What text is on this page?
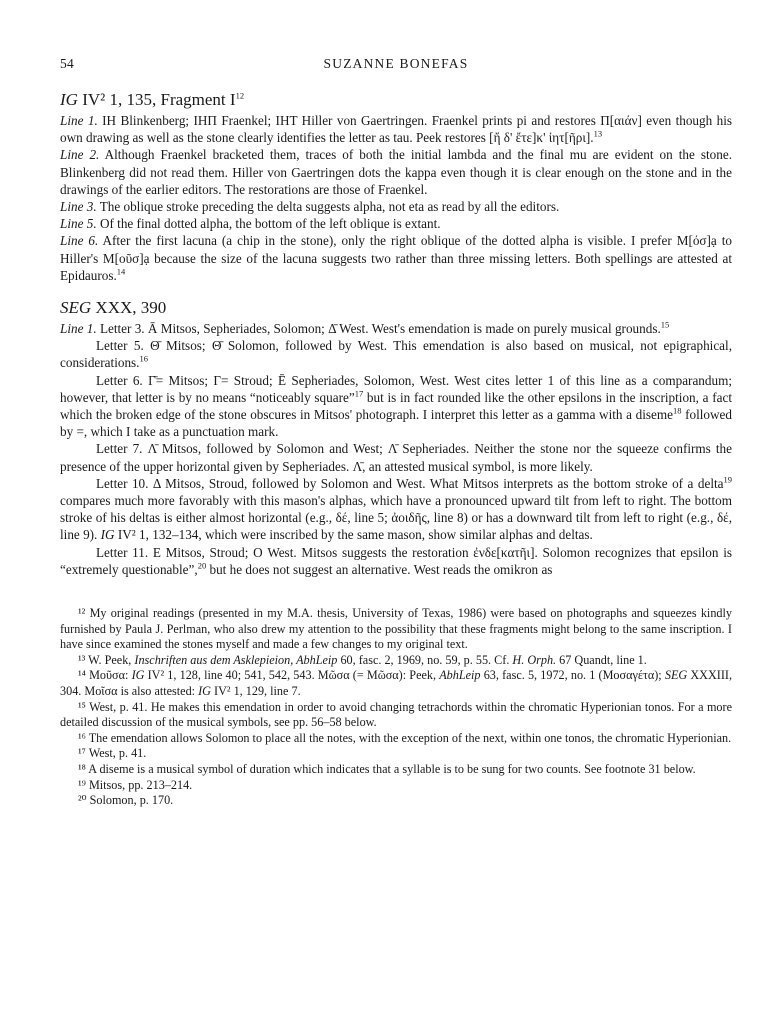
54	SUZANNE BONEFAS
IG IV² 1, 135, Fragment $I^{12}$

Line 1. ΙΗ Blinkenberg; ΙΗΠ Fraenkel; ΙΗΤ Hiller von Gaertringen. Fraenkel prints pi and restores Π[αιάν] even though his own drawing as well as the stone clearly identifies the letter as tau. Peek restores [ἤ δ' ἔτε]κ' ἰητ[ῆρι].$^{13}$

Line 2. Although Fraenkel bracketed them, traces of both the initial lambda and the final mu are evident on the stone. Blinkenberg did not read them. Hiller von Gaertringen dots the kappa even though it is clear enough on the stone and in the drawings of the earlier editors. The restorations are those of Fraenkel.

Line 3. The oblique stroke preceding the delta suggests alpha, not eta as read by all the editors.

Line 5. Of the final dotted alpha, the bottom of the left oblique is extant.

Line 6. After the first lacuna (a chip in the stone), only the right oblique of the dotted alpha is visible. I prefer Μ[όσ]ạ to Hiller's Μ[οῦσ]ạ because the size of the lacuna suggests two rather than three missing letters. Both spellings are attested at Epidauros.$^{14}$

SEG XXX, 390

Line 1. Letter 3. Ā Mitsos, Sepheriades, Solomon; Δ̄ West. West's emendation is made on purely musical grounds.$^{15}$

Letter 5. Θ̄ Mitsos; Θ̄ Solomon, followed by West. This emendation is also based on musical, not epigraphical, considerations.$^{16}$

Letter 6. Γ̄= Mitsos; Γ= Stroud; Ē Sepheriades, Solomon, West. West cites letter 1 of this line as a comparandum; however, that letter is by no means “noticeably square”$^{17}$ but is in fact rounded like the other epsilons in the inscription, a fact which the broken edge of the stone obscures in Mitsos' photograph. I interpret this letter as a gamma with a diseme$^{18}$ followed by =, which I take as a punctuation mark.

Letter 7. Λ̄ Mitsos, followed by Solomon and West; Λ̄ Sepheriades. Neither the stone nor the squeeze confirms the presence of the upper horizontal given by Sepheriades. Λ̄, an attested musical symbol, is more likely.

Letter 10. Δ Mitsos, Stroud, followed by Solomon and West. What Mitsos interprets as the bottom stroke of a delta$^{19}$ compares much more favorably with this mason's alphas, which have a pronounced upward tilt from left to right. The bottom stroke of his deltas is either almost horizontal (e.g., δέ, line 5; ἀοιδῆς, line 8) or has a downward tilt from left to right (e.g., δέ, line 9). IG IV² 1, 132–134, which were inscribed by the same mason, show similar alphas and deltas.

Letter 11. Ε Mitsos, Stroud; Ο West. Mitsos suggests the restoration ἐνδε[κατῆι]. Solomon recognizes that epsilon is “extremely questionable”,$^{20}$ but he does not suggest an alternative. West reads the omikron as

¹² My original readings (presented in my M.A. thesis, University of Texas, 1986) were based on photographs and squeezes kindly furnished by Paula J. Perlman, who also drew my attention to the possibility that these fragments might belong to the same inscription. I have since examined the stones myself and made a few changes to my original text.

¹³ W. Peek, Inschriften aus dem Asklepieion, AbhLeip 60, fasc. 2, 1969, no. 59, p. 55. Cf. H. Orph. 67 Quandt, line 1.

¹⁴ Μοῦσα: IG IV² 1, 128, line 40; 541, 542, 543. Μῶσα (= Μῶσα): Peek, AbhLeip 63, fasc. 5, 1972, no. 1 (Μοσαγέτα); SEG XXXIII, 304. Μοῖσα is also attested: IG IV² 1, 129, line 7.

¹⁵ West, p. 41. He makes this emendation in order to avoid changing tetrachords within the chromatic Hyperionian tonos. For a more detailed discussion of the musical symbols, see pp. 56–58 below.

¹⁶ The emendation allows Solomon to place all the notes, with the exception of the next, within one tonos, the chromatic Hyperionian.

¹⁷ West, p. 41.

¹⁸ A diseme is a musical symbol of duration which indicates that a syllable is to be sung for two counts. See footnote 31 below.

¹⁹ Mitsos, pp. 213–214.

²⁰ Solomon, p. 170.
